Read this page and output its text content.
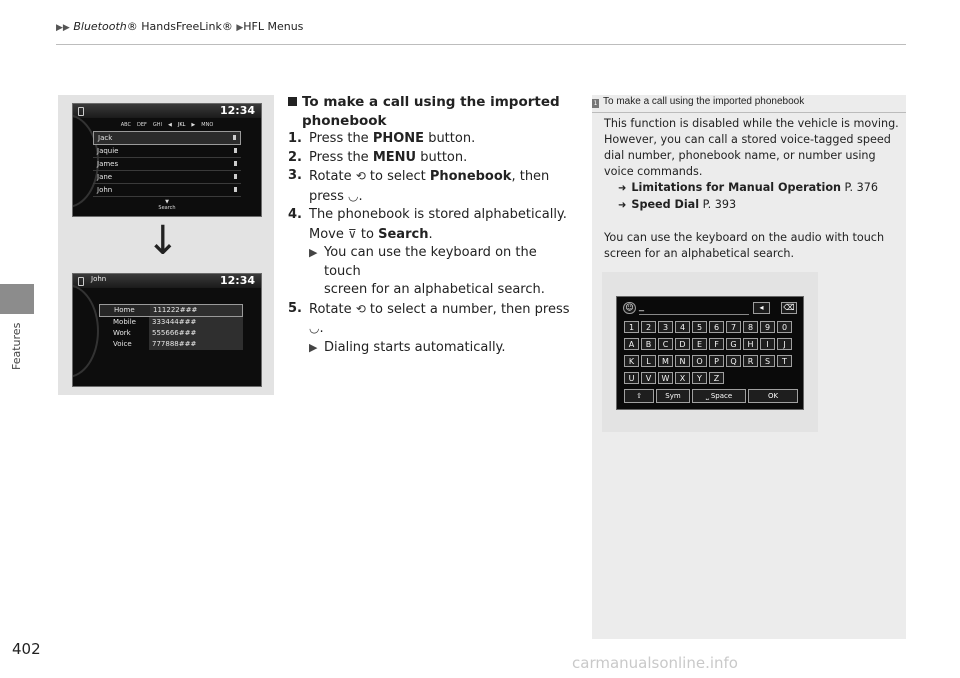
▶▶ Bluetooth® HandsFreeLink® ▶HFL Menus
Features
402
carmanualsonline.info
12:34
ABC DEF GHI ◀ JKL ▶ MNO
Jack
Jaquie
James
Jane
John
▼
Search
↓
John	12:34
Home	111222###
Mobile	333444###
Work	555666###
Voice	777888###
To make a call using the imported
phonebook
1. Press the PHONE button.
2. Press the MENU button.
3. Rotate ⟲ to select Phonebook, then
press ◡.
4. The phonebook is stored alphabetically.
Move ⊽ to Search.
▶ You can use the keyboard on the touch
screen for an alphabetical search.
5. Rotate ⟲ to select a number, then press
◡.
▶ Dialing starts automatically.
1 To make a call using the imported phonebook
This function is disabled while the vehicle is moving.
However, you can call a stored voice-tagged speed
dial number, phonebook name, or number using
voice commands.
➜ Limitations for Manual Operation P. 376
➜ Speed Dial P. 393
You can use the keyboard on the audio with touch
screen for an alphabetical search.
☺ _	◂	⌫
1	2	3	4	5	6	7	8	9	0
A	B	C	D	E	F	G	H	I	J
K	L	M	N	O	P	Q	R	S	T
U	V	W	X	Y	Z
⇧	Sym	⎵ Space	OK
